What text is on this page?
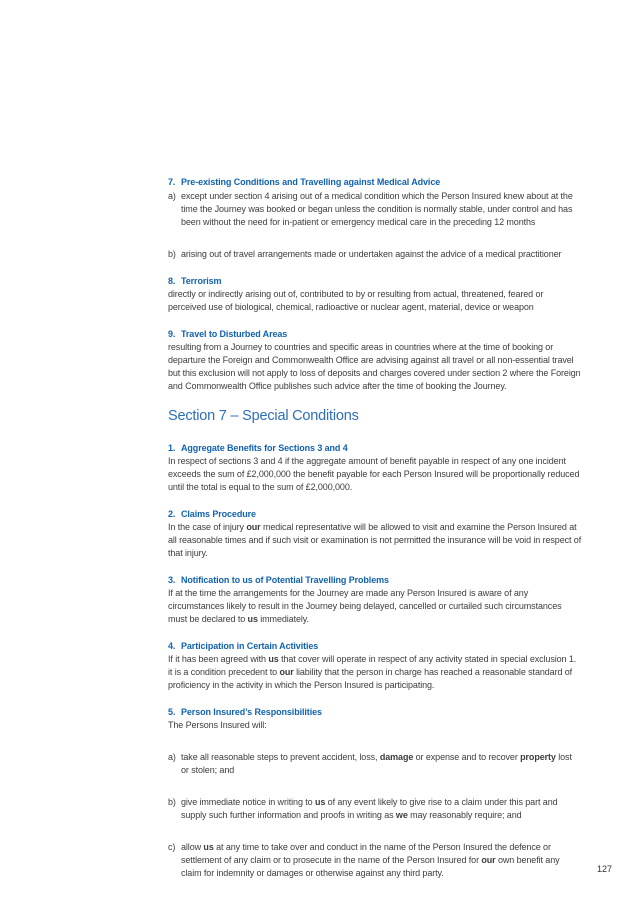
7. Pre-existing Conditions and Travelling against Medical Advice
a) except under section 4 arising out of a medical condition which the Person Insured knew about at the time the Journey was booked or began unless the condition is normally stable, under control and has been without the need for in-patient or emergency medical care in the preceding 12 months
b) arising out of travel arrangements made or undertaken against the advice of a medical practitioner
8. Terrorism

directly or indirectly arising out of, contributed to by or resulting from actual, threatened, feared or perceived use of biological, chemical, radioactive or nuclear agent, material, device or weapon

9. Travel to Disturbed Areas

resulting from a Journey to countries and specific areas in countries where at the time of booking or departure the Foreign and Commonwealth Office are advising against all travel or all non-essential travel but this exclusion will not apply to loss of deposits and charges covered under section 2 where the Foreign and Commonwealth Office publishes such advice after the time of booking the Journey.

Section 7 – Special Conditions
1. Aggregate Benefits for Sections 3 and 4

In respect of sections 3 and 4 if the aggregate amount of benefit payable in respect of any one incident exceeds the sum of £2,000,000 the benefit payable for each Person Insured will be proportionally reduced until the total is equal to the sum of £2,000,000.

2. Claims Procedure

In the case of injury our medical representative will be allowed to visit and examine the Person Insured at all reasonable times and if such visit or examination is not permitted the insurance will be void in respect of that injury.

3. Notification to us of Potential Travelling Problems

If at the time the arrangements for the Journey are made any Person Insured is aware of any circumstances likely to result in the Journey being delayed, cancelled or curtailed such circumstances must be declared to us immediately.

4. Participation in Certain Activities

If it has been agreed with us that cover will operate in respect of any activity stated in special exclusion 1. it is a condition precedent to our liability that the person in charge has reached a reasonable standard of proficiency in the activity in which the Person Insured is participating.

5. Person Insured’s Responsibilities

The Persons Insured will:

a) take all reasonable steps to prevent accident, loss, damage or expense and to recover property lost or stolen; and
b) give immediate notice in writing to us of any event likely to give rise to a claim under this part and supply such further information and proofs in writing as we may reasonably require; and
c) allow us at any time to take over and conduct in the name of the Person Insured the defence or settlement of any claim or to prosecute in the name of the Person Insured for our own benefit any claim for indemnity or damages or otherwise against any third party.	127
